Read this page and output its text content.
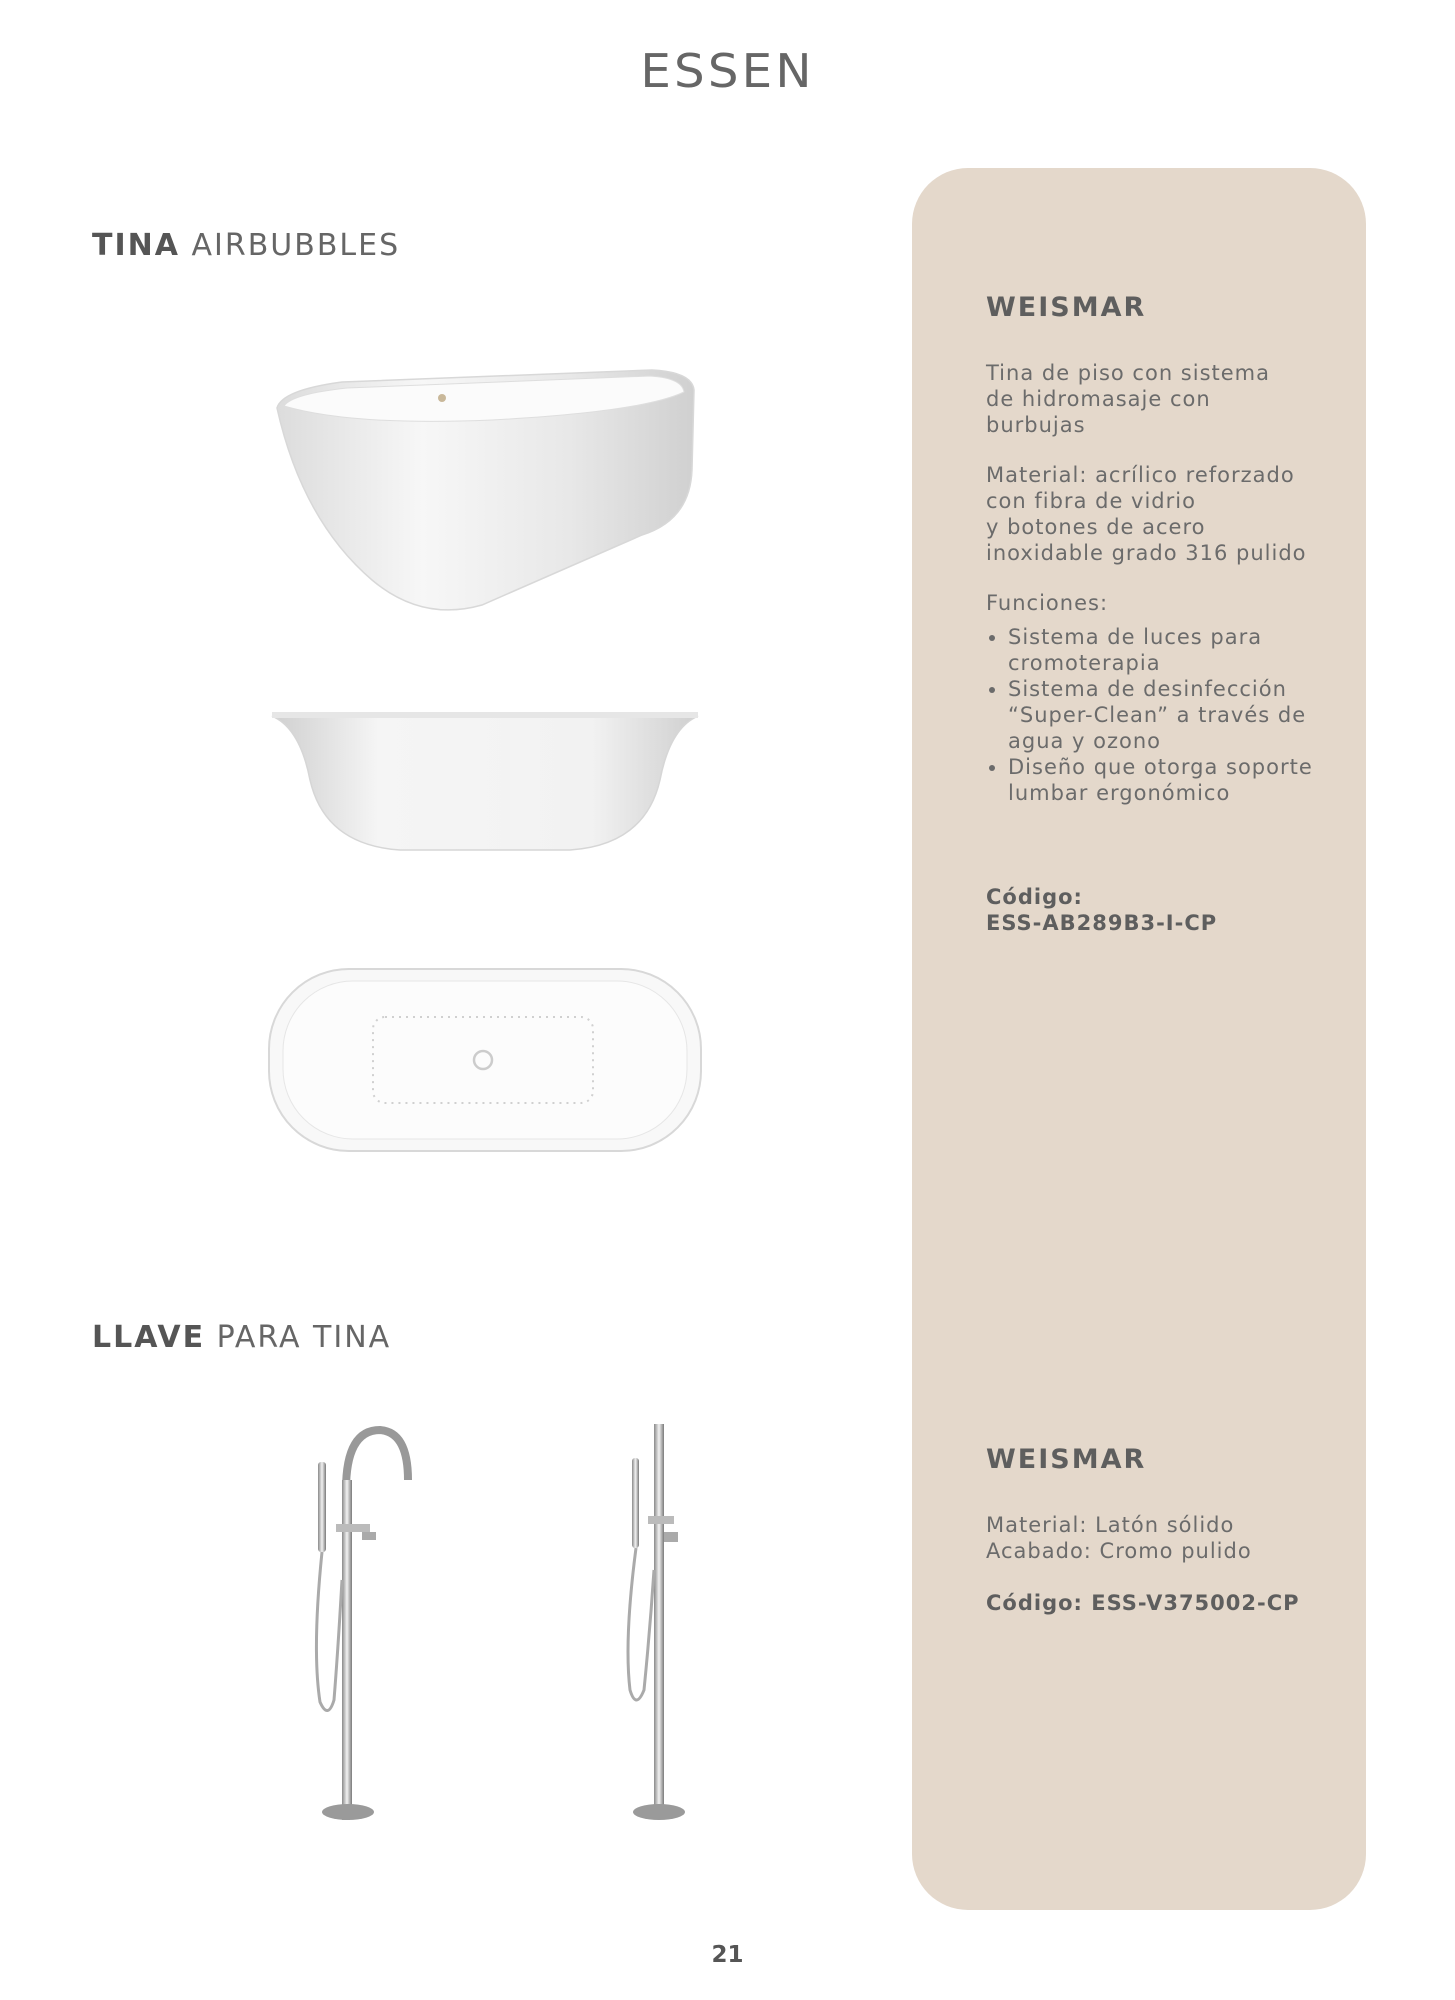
ESSEN
TINA AIRBUBBLES
LLAVE PARA TINA
WEISMAR

Tina de piso con sistema

de hidromasaje con

burbujas

Material: acrílico reforzado

con fibra de vidrio

y botones de acero

inoxidable grado 316 pulido

Funciones:

• Sistema de luces para cromoterapia
• Sistema de desinfección “Super-Clean” a través de agua y ozono
• Diseño que otorga soporte lumbar ergonómico

Código:

ESS-AB289B3-I-CP

WEISMAR

Material: Latón sólido

Acabado: Cromo pulido

Código: ESS-V375002-CP

21
